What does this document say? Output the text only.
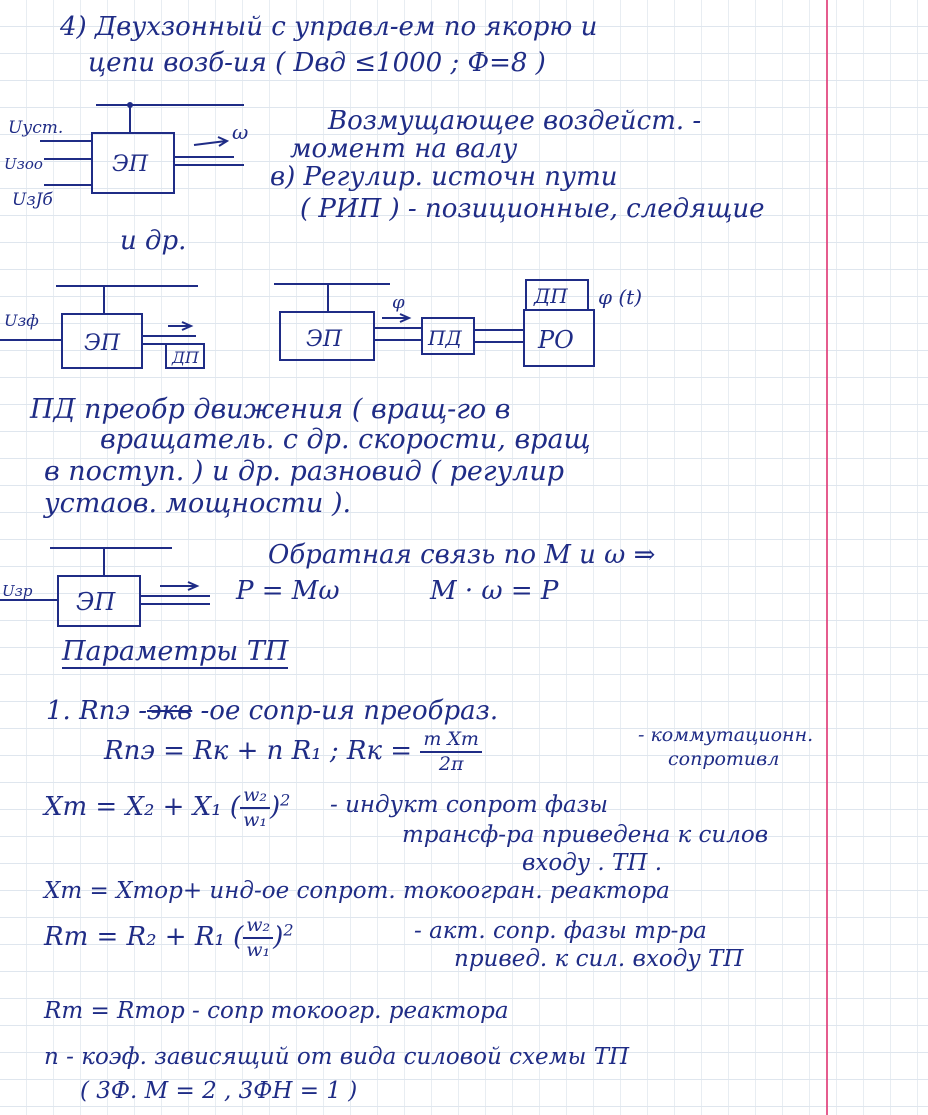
4) Двухзонный с управл-ем по якорю и
цепи возб-ия ( Dвд ≤1000 ; Ф=8 )
ЭП
ω
Uуст.
Uзоо
UзJб
Возмущающее воздейст. -
момент на валу
в) Регулир. источн пути
( РИП ) - позиционные, следящие
и др.
Uзф
ЭП
ДП
ЭП
φ
ПД
ДП φ (t)
РО
ПД преобр движения ( вращ-го в
вращатель. с др. скорости, вращ
в поступ. ) и др. разновид ( регулир
устаов. мощности ).
Uзр ЭП	P = Mω
Обратная связь по M и ω ⇒
M · ω = P
Параметры ТП
1. Rпэ -экв -ое сопр-ия преобраз.
Rпэ = Rк + n R₁ ; Rк = $\frac{\text{m Xт}}{2\pi}$	- коммутационн.
сопротивл
Xт = X₂ + X₁ ( $\frac{\text{w₂}}{\text{w₁}} )^2$ - индукт сопрот фазы
трансф-ра приведена к силов
входу . ТП .
Xт = Xтор+ инд-ое сопрот. токоогран. реактора
Rт = R₂ + R₁ ( $\frac{\text{w₂}}{\text{w₁}} )^2$	- акт. сопр. фазы тр-ра
привед. к сил. входу ТП
Rт = Rтор - сопр токоогр. реактора
n - коэф. зависящий от вида силовой схемы ТП
( 3Ф. М = 2 , 3ФН = 1 )
